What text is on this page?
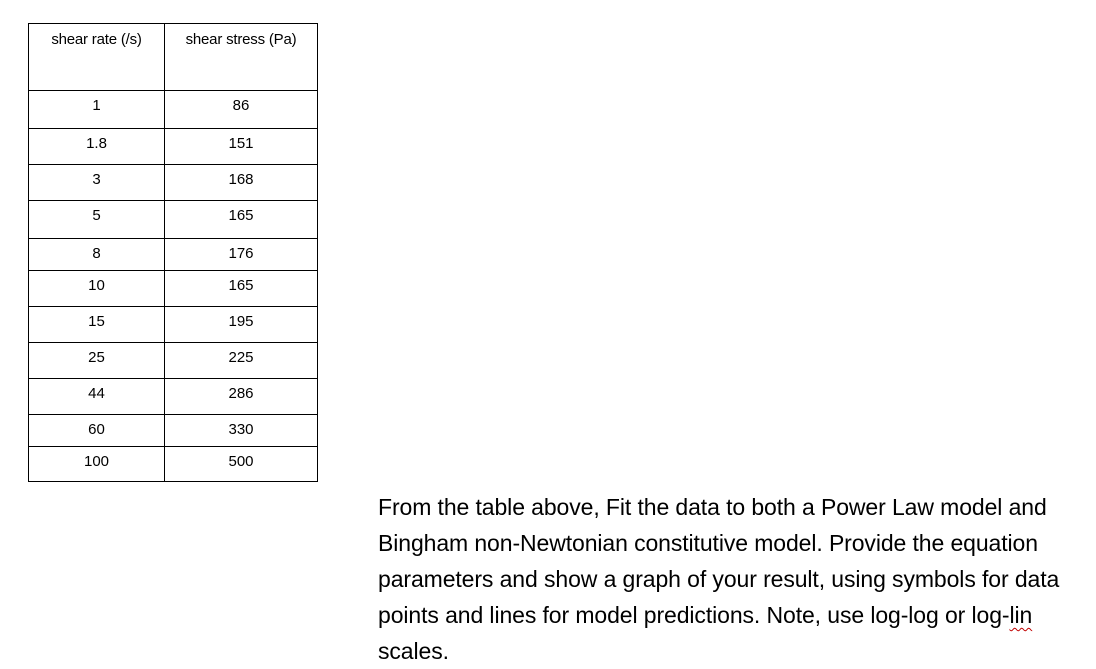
shear rate (/s)	shear stress (Pa)
1	86
1.8	151
3	168
5	165
8	176
10	165
15	195
25	225
44	286
60	330
100	500

From the table above, Fit the data to both a Power Law model and Bingham non-Newtonian constitutive model. Provide the equation parameters and show a graph of your result, using symbols for data points and lines for model predictions. Note, use log-log or log-lin scales.
